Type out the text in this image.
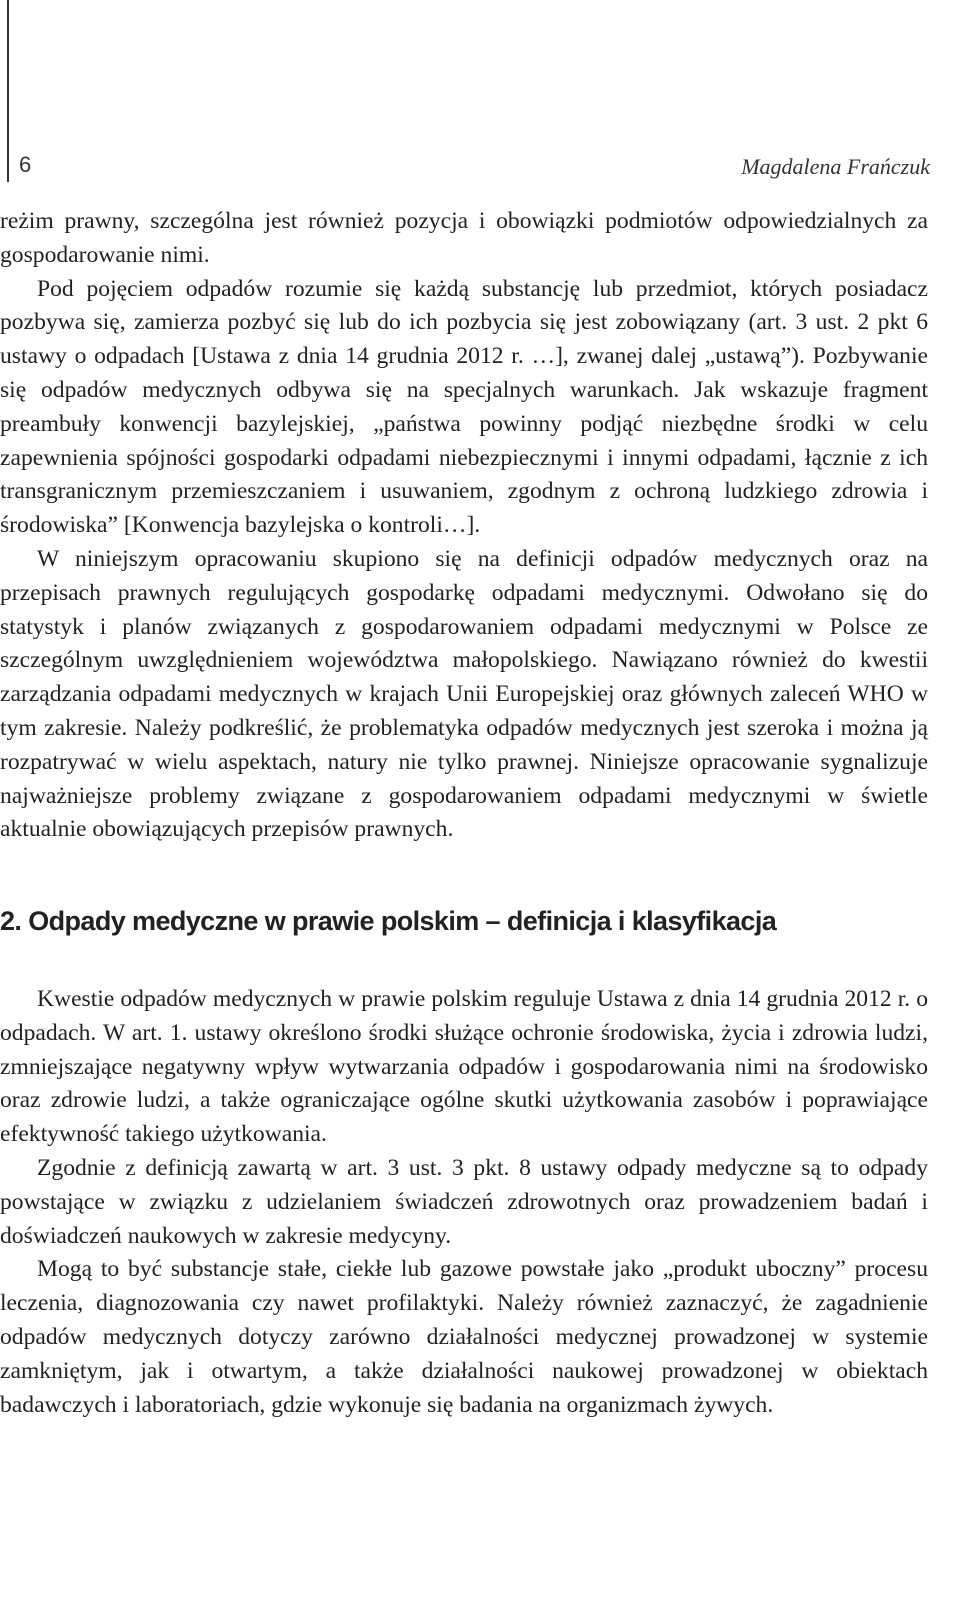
6	Magdalena Frańczuk

reżim prawny, szczególna jest również pozycja i obowiązki podmiotów odpowiedzialnych za gospodarowanie nimi.

Pod pojęciem odpadów rozumie się każdą substancję lub przedmiot, których posiadacz pozbywa się, zamierza pozbyć się lub do ich pozbycia się jest zobowiązany (art. 3 ust. 2 pkt 6 ustawy o odpadach [Ustawa z dnia 14 grudnia 2012 r. …], zwanej dalej „ustawą”). Pozbywanie się odpadów medycznych odbywa się na specjalnych warunkach. Jak wskazuje fragment preambuły konwencji bazylejskiej, „państwa powinny podjąć niezbędne środki w celu zapewnienia spójności gospodarki odpadami niebezpiecznymi i innymi odpadami, łącznie z ich transgranicznym przemieszczaniem i usuwaniem, zgodnym z ochroną ludzkiego zdrowia i środowiska” [Konwencja bazylejska o kontroli…].

W niniejszym opracowaniu skupiono się na definicji odpadów medycznych oraz na przepisach prawnych regulujących gospodarkę odpadami medycznymi. Odwołano się do statystyk i planów związanych z gospodarowaniem odpadami medycznymi w Polsce ze szczególnym uwzględnieniem województwa małopolskiego. Nawiązano również do kwestii zarządzania odpadami medycznych w krajach Unii Europejskiej oraz głównych zaleceń WHO w tym zakresie. Należy podkreślić, że problematyka odpadów medycznych jest szeroka i można ją rozpatrywać w wielu aspektach, natury nie tylko prawnej. Niniejsze opracowanie sygnalizuje najważniejsze problemy związane z gospodarowaniem odpadami medycznymi w świetle aktualnie obowiązujących przepisów prawnych.

2. Odpady medyczne w prawie polskim – definicja i klasyfikacja

Kwestie odpadów medycznych w prawie polskim reguluje Ustawa z dnia 14 grudnia 2012 r. o odpadach. W art. 1. ustawy określono środki służące ochronie środowiska, życia i zdrowia ludzi, zmniejszające negatywny wpływ wytwarzania odpadów i gospodarowania nimi na środowisko oraz zdrowie ludzi, a także ograniczające ogólne skutki użytkowania zasobów i poprawiające efektywność takiego użytkowania.

Zgodnie z definicją zawartą w art. 3 ust. 3 pkt. 8 ustawy odpady medyczne są to odpady powstające w związku z udzielaniem świadczeń zdrowotnych oraz prowadzeniem badań i doświadczeń naukowych w zakresie medycyny.

Mogą to być substancje stałe, ciekłe lub gazowe powstałe jako „produkt uboczny” procesu leczenia, diagnozowania czy nawet profilaktyki. Należy również zaznaczyć, że zagadnienie odpadów medycznych dotyczy zarówno działalności medycznej prowadzonej w systemie zamkniętym, jak i otwartym, a także działalności naukowej prowadzonej w obiektach badawczych i laboratoriach, gdzie wykonuje się badania na organizmach żywych.
